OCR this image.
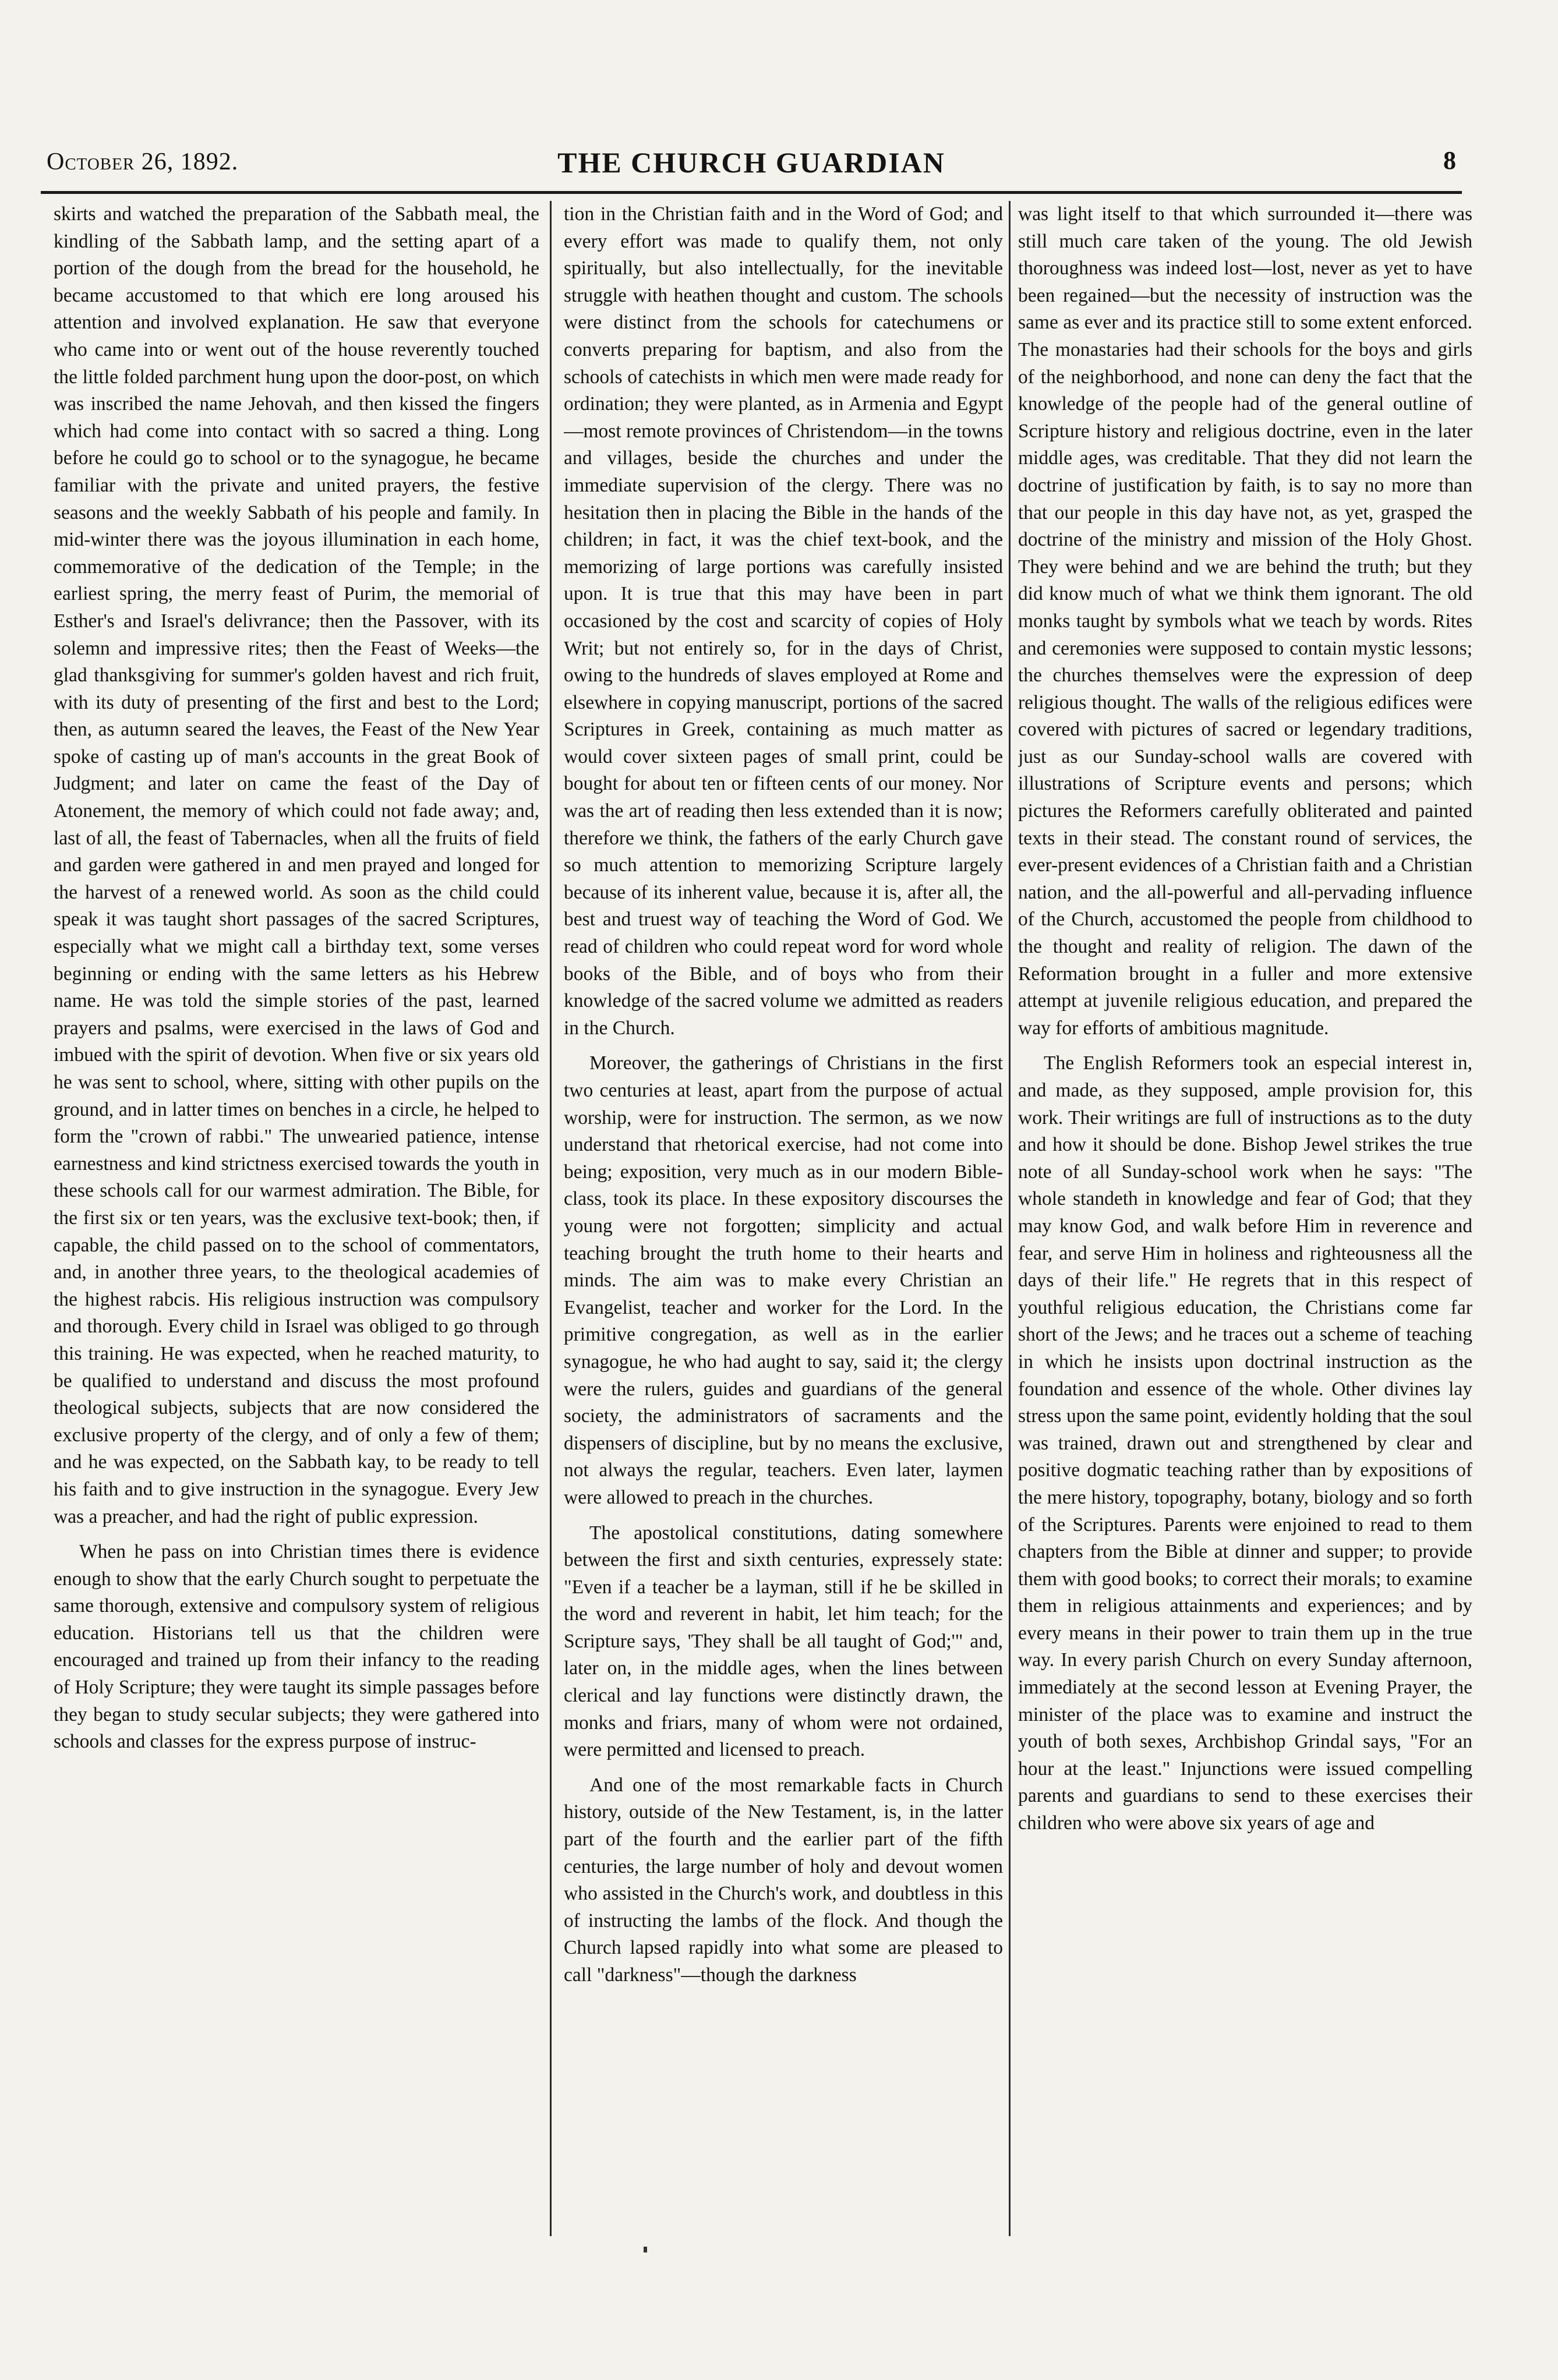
October 26, 1892.	THE CHURCH GUARDIAN	8

skirts and watched the preparation of the Sabbath meal, the kindling of the Sabbath lamp, and the setting apart of a portion of the dough from the bread for the household, he became accustomed to that which ere long aroused his attention and involved explanation. He saw that everyone who came into or went out of the house reverently touched the little folded parchment hung upon the door-post, on which was inscribed the name Jehovah, and then kissed the fingers which had come into contact with so sacred a thing. Long before he could go to school or to the synagogue, he became familiar with the private and united prayers, the festive seasons and the weekly Sabbath of his people and family. In mid-winter there was the joyous illumination in each home, commemorative of the dedication of the Temple; in the earliest spring, the merry feast of Purim, the memorial of Esther's and Israel's delivrance; then the Passover, with its solemn and impressive rites; then the Feast of Weeks—the glad thanksgiving for summer's golden havest and rich fruit, with its duty of presenting of the first and best to the Lord; then, as autumn seared the leaves, the Feast of the New Year spoke of casting up of man's accounts in the great Book of Judgment; and later on came the feast of the Day of Atonement, the memory of which could not fade away; and, last of all, the feast of Tabernacles, when all the fruits of field and garden were gathered in and men prayed and longed for the harvest of a renewed world. As soon as the child could speak it was taught short passages of the sacred Scriptures, especially what we might call a birthday text, some verses beginning or ending with the same letters as his Hebrew name. He was told the simple stories of the past, learned prayers and psalms, were exercised in the laws of God and imbued with the spirit of devotion. When five or six years old he was sent to school, where, sitting with other pupils on the ground, and in latter times on benches in a circle, he helped to form the "crown of rabbi." The unwearied patience, intense earnestness and kind strictness exercised towards the youth in these schools call for our warmest admiration. The Bible, for the first six or ten years, was the exclusive text-book; then, if capable, the child passed on to the school of commentators, and, in another three years, to the theological academies of the highest rabcis. His religious instruction was compulsory and thorough. Every child in Israel was obliged to go through this training. He was expected, when he reached maturity, to be qualified to understand and discuss the most profound theological subjects, subjects that are now considered the exclusive property of the clergy, and of only a few of them; and he was expected, on the Sabbath kay, to be ready to tell his faith and to give instruction in the synagogue. Every Jew was a preacher, and had the right of public expression.

When he pass on into Christian times there is evidence enough to show that the early Church sought to perpetuate the same thorough, extensive and compulsory system of religious education. Historians tell us that the children were encouraged and trained up from their infancy to the reading of Holy Scripture; they were taught its simple passages before they began to study secular subjects; they were gathered into schools and classes for the express purpose of instruc-

tion in the Christian faith and in the Word of God; and every effort was made to qualify them, not only spiritually, but also intellectually, for the inevitable struggle with heathen thought and custom. The schools were distinct from the schools for catechumens or converts preparing for baptism, and also from the schools of catechists in which men were made ready for ordination; they were planted, as in Armenia and Egypt—most remote provinces of Christendom—in the towns and villages, beside the churches and under the immediate supervision of the clergy. There was no hesitation then in placing the Bible in the hands of the children; in fact, it was the chief text-book, and the memorizing of large portions was carefully insisted upon. It is true that this may have been in part occasioned by the cost and scarcity of copies of Holy Writ; but not entirely so, for in the days of Christ, owing to the hundreds of slaves employed at Rome and elsewhere in copying manuscript, portions of the sacred Scriptures in Greek, containing as much matter as would cover sixteen pages of small print, could be bought for about ten or fifteen cents of our money. Nor was the art of reading then less extended than it is now; therefore we think, the fathers of the early Church gave so much attention to memorizing Scripture largely because of its inherent value, because it is, after all, the best and truest way of teaching the Word of God. We read of children who could repeat word for word whole books of the Bible, and of boys who from their knowledge of the sacred volume we admitted as readers in the Church.

Moreover, the gatherings of Christians in the first two centuries at least, apart from the purpose of actual worship, were for instruction. The sermon, as we now understand that rhetorical exercise, had not come into being; exposition, very much as in our modern Bible-class, took its place. In these expository discourses the young were not forgotten; simplicity and actual teaching brought the truth home to their hearts and minds. The aim was to make every Christian an Evangelist, teacher and worker for the Lord. In the primitive congregation, as well as in the earlier synagogue, he who had aught to say, said it; the clergy were the rulers, guides and guardians of the general society, the administrators of sacraments and the dispensers of discipline, but by no means the exclusive, not always the regular, teachers. Even later, laymen were allowed to preach in the churches.

The apostolical constitutions, dating somewhere between the first and sixth centuries, expressely state: "Even if a teacher be a layman, still if he be skilled in the word and reverent in habit, let him teach; for the Scripture says, 'They shall be all taught of God;'" and, later on, in the middle ages, when the lines between clerical and lay functions were distinctly drawn, the monks and friars, many of whom were not ordained, were permitted and licensed to preach.

And one of the most remarkable facts in Church history, outside of the New Testament, is, in the latter part of the fourth and the earlier part of the fifth centuries, the large number of holy and devout women who assisted in the Church's work, and doubtless in this of instructing the lambs of the flock. And though the Church lapsed rapidly into what some are pleased to call "darkness"—though the darkness

was light itself to that which surrounded it—there was still much care taken of the young. The old Jewish thoroughness was indeed lost—lost, never as yet to have been regained—but the necessity of instruction was the same as ever and its practice still to some extent enforced. The monastaries had their schools for the boys and girls of the neighborhood, and none can deny the fact that the knowledge of the people had of the general outline of Scripture history and religious doctrine, even in the later middle ages, was creditable. That they did not learn the doctrine of justification by faith, is to say no more than that our people in this day have not, as yet, grasped the doctrine of the ministry and mission of the Holy Ghost. They were behind and we are behind the truth; but they did know much of what we think them ignorant. The old monks taught by symbols what we teach by words. Rites and ceremonies were supposed to contain mystic lessons; the churches themselves were the expression of deep religious thought. The walls of the religious edifices were covered with pictures of sacred or legendary traditions, just as our Sunday-school walls are covered with illustrations of Scripture events and persons; which pictures the Reformers carefully obliterated and painted texts in their stead. The constant round of services, the ever-present evidences of a Christian faith and a Christian nation, and the all-powerful and all-pervading influence of the Church, accustomed the people from childhood to the thought and reality of religion. The dawn of the Reformation brought in a fuller and more extensive attempt at juvenile religious education, and prepared the way for efforts of ambitious magnitude.

The English Reformers took an especial interest in, and made, as they supposed, ample provision for, this work. Their writings are full of instructions as to the duty and how it should be done. Bishop Jewel strikes the true note of all Sunday-school work when he says: "The whole standeth in knowledge and fear of God; that they may know God, and walk before Him in reverence and fear, and serve Him in holiness and righteousness all the days of their life." He regrets that in this respect of youthful religious education, the Christians come far short of the Jews; and he traces out a scheme of teaching in which he insists upon doctrinal instruction as the foundation and essence of the whole. Other divines lay stress upon the same point, evidently holding that the soul was trained, drawn out and strengthened by clear and positive dogmatic teaching rather than by expositions of the mere history, topography, botany, biology and so forth of the Scriptures. Parents were enjoined to read to them chapters from the Bible at dinner and supper; to provide them with good books; to correct their morals; to examine them in religious attainments and experiences; and by every means in their power to train them up in the true way. In every parish Church on every Sunday afternoon, immediately at the second lesson at Evening Prayer, the minister of the place was to examine and instruct the youth of both sexes, Archbishop Grindal says, "For an hour at the least." Injunctions were issued compelling parents and guardians to send to these exercises their children who were above six years of age and
